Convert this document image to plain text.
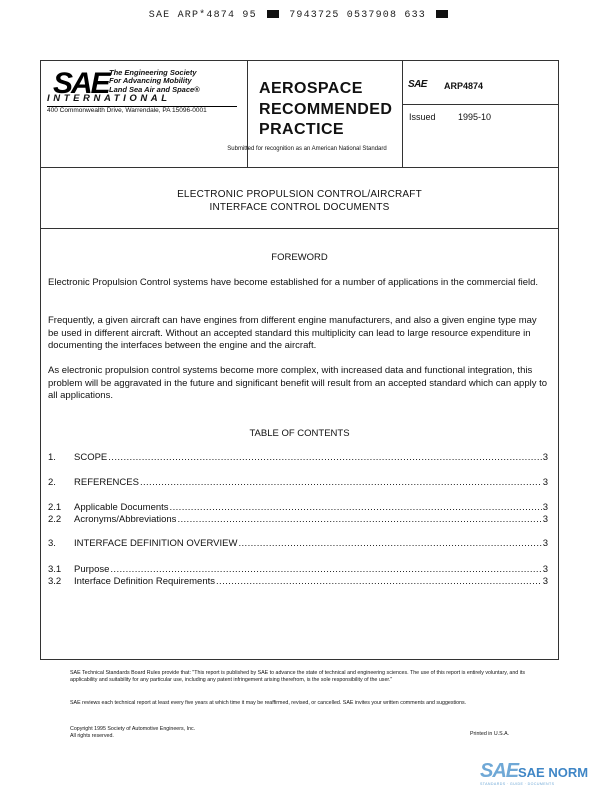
SAE ARP*4874 95	7943725 0537908 633
SAE The Engineering Society
For Advancing Mobility
Land Sea Air and Space®
INTERNATIONAL
400 Commonwealth Drive, Warrendale, PA 15096-0001
AEROSPACE
RECOMMENDED
PRACTICE
Submitted for recognition as an American National Standard
SAE ARP4874
Issued 1995-10
ELECTRONIC PROPULSION CONTROL/AIRCRAFT
INTERFACE CONTROL DOCUMENTS
FOREWORD
Electronic Propulsion Control systems have become established for a number of applications in the commercial field.
Frequently, a given aircraft can have engines from different engine manufacturers, and also a given engine type may be used in different aircraft. Without an accepted standard this multiplicity can lead to large resource expenditure in documenting the interfaces between the engine and the aircraft.
As electronic propulsion control systems become more complex, with increased data and functional integration, this problem will be aggravated in the future and significant benefit will result from an accepted standard which can apply to all applications.
TABLE OF CONTENTS
1.	SCOPE .....	3
2.	REFERENCES .....	3
2.1	Applicable Documents .....	3
2.2	Acronyms/Abbreviations .....	3
3.	INTERFACE DEFINITION OVERVIEW .....	3
3.1	Purpose .....	3
3.2	Interface Definition Requirements .....	3
SAE Technical Standards Board Rules provide that: "This report is published by SAE to advance the state of technical and engineering sciences. The use of this report is entirely voluntary, and its applicability and suitability for any particular use, including any patent infringement arising therefrom, is the sole responsibility of the user."
SAE reviews each technical report at least every five years at which time it may be reaffirmed, revised, or cancelled. SAE invites your written comments and suggestions.
Copyright 1995 Society of Automotive Engineers, Inc.
All rights reserved.	Printed in U.S.A.
SAE SAE NORM
STANDARDS · GUIDE · DOCUMENTS
